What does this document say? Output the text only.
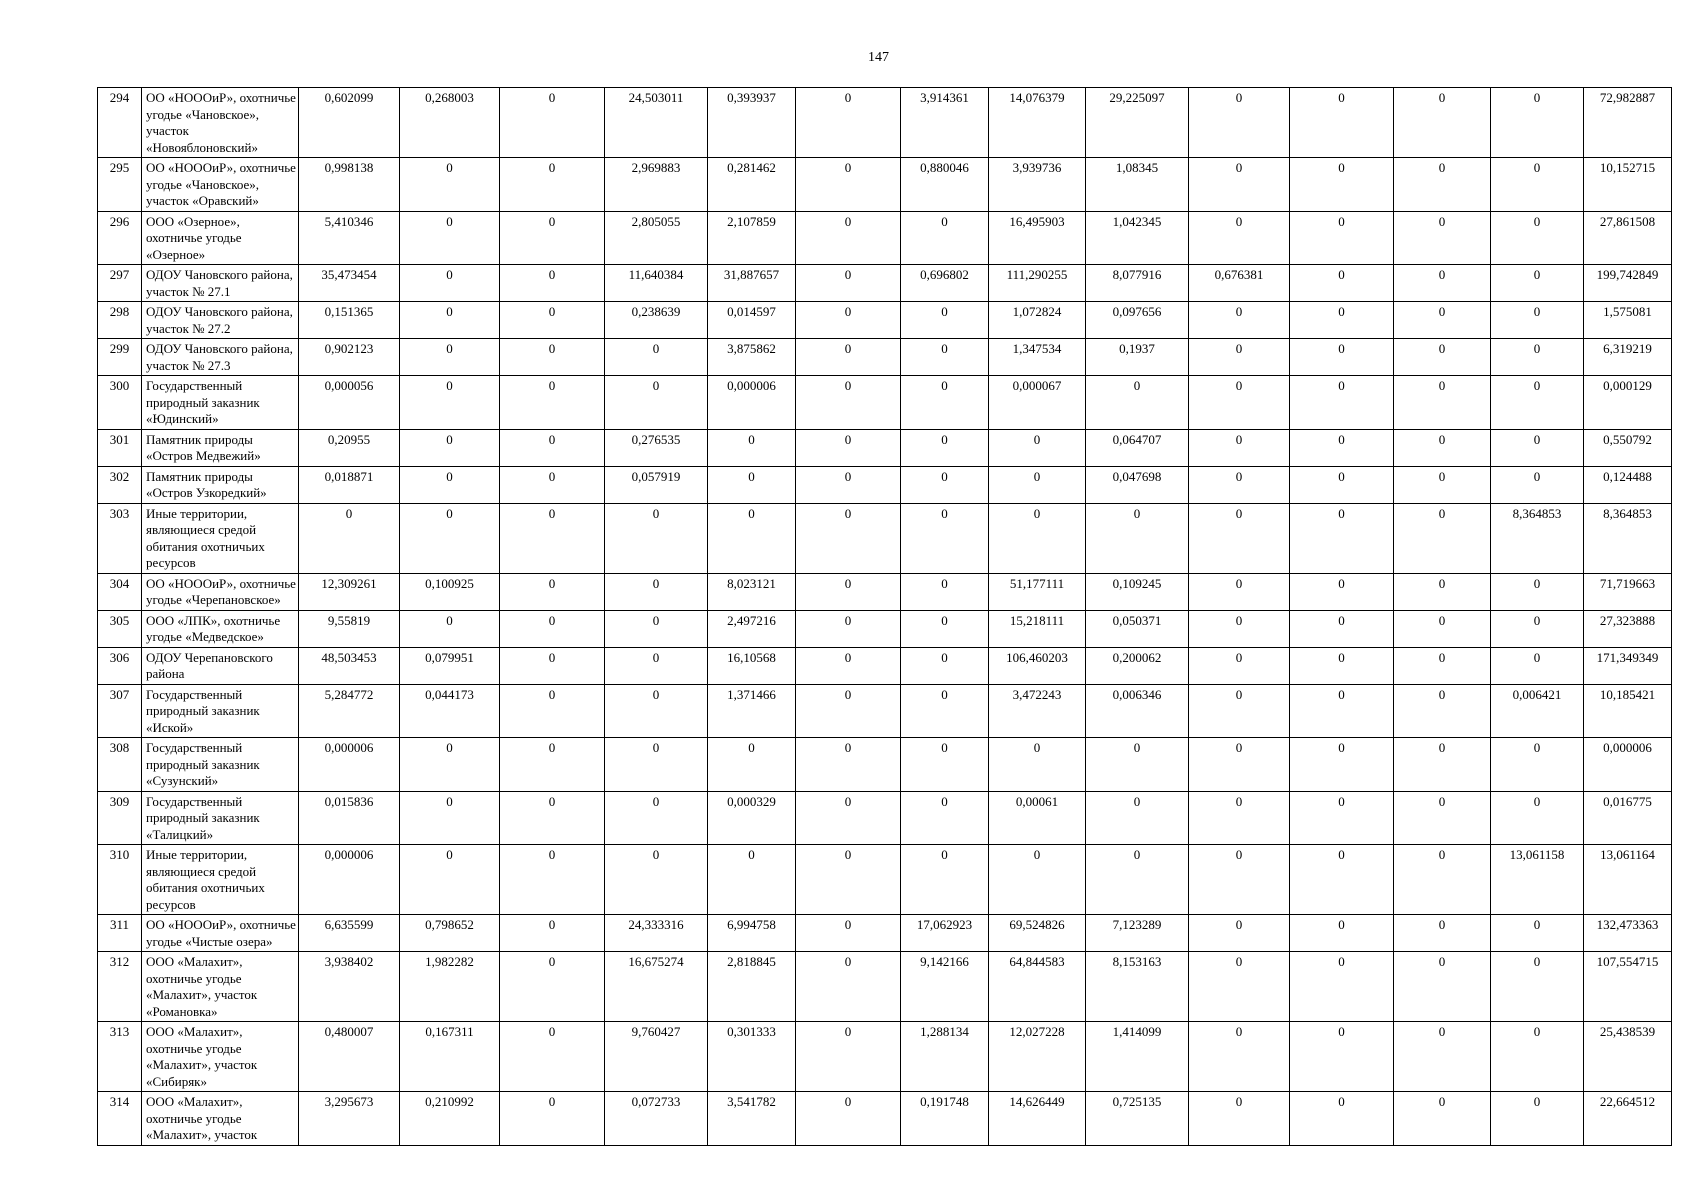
147
294	ОО «НОООиР», охотничье угодье «Чановское», участок «Новояблоновский»	0,602099	0,268003	0	24,503011	0,393937	0	3,914361	14,076379	29,225097	0	0	0	0	72,982887
295	ОО «НОООиР», охотничье угодье «Чановское», участок «Оравский»	0,998138	0	0	2,969883	0,281462	0	0,880046	3,939736	1,08345	0	0	0	0	10,152715
296	ООО «Озерное», охотничье угодье «Озерное»	5,410346	0	0	2,805055	2,107859	0	0	16,495903	1,042345	0	0	0	0	27,861508
297	ОДОУ Чановского района, участок № 27.1	35,473454	0	0	11,640384	31,887657	0	0,696802	111,290255	8,077916	0,676381	0	0	0	199,742849
298	ОДОУ Чановского района, участок № 27.2	0,151365	0	0	0,238639	0,014597	0	0	1,072824	0,097656	0	0	0	0	1,575081
299	ОДОУ Чановского района, участок № 27.3	0,902123	0	0	0	3,875862	0	0	1,347534	0,1937	0	0	0	0	6,319219
300	Государственный природный заказник «Юдинский»	0,000056	0	0	0	0,000006	0	0	0,000067	0	0	0	0	0	0,000129
301	Памятник природы «Остров Медвежий»	0,20955	0	0	0,276535	0	0	0	0	0,064707	0	0	0	0	0,550792
302	Памятник природы «Остров Узкоредкий»	0,018871	0	0	0,057919	0	0	0	0	0,047698	0	0	0	0	0,124488
303	Иные территории, являющиеся средой обитания охотничьих ресурсов	0	0	0	0	0	0	0	0	0	0	0	0	8,364853	8,364853
304	ОО «НОООиР», охотничье угодье «Черепановское»	12,309261	0,100925	0	0	8,023121	0	0	51,177111	0,109245	0	0	0	0	71,719663
305	ООО «ЛПК», охотничье угодье «Медведское»	9,55819	0	0	0	2,497216	0	0	15,218111	0,050371	0	0	0	0	27,323888
306	ОДОУ Черепановского района	48,503453	0,079951	0	0	16,10568	0	0	106,460203	0,200062	0	0	0	0	171,349349
307	Государственный природный заказник «Иской»	5,284772	0,044173	0	0	1,371466	0	0	3,472243	0,006346	0	0	0	0,006421	10,185421
308	Государственный природный заказник «Сузунский»	0,000006	0	0	0	0	0	0	0	0	0	0	0	0	0,000006
309	Государственный природный заказник «Талицкий»	0,015836	0	0	0	0,000329	0	0	0,00061	0	0	0	0	0	0,016775
310	Иные территории, являющиеся средой обитания охотничьих ресурсов	0,000006	0	0	0	0	0	0	0	0	0	0	0	13,061158	13,061164
311	ОО «НОООиР», охотничье угодье «Чистые озера»	6,635599	0,798652	0	24,333316	6,994758	0	17,062923	69,524826	7,123289	0	0	0	0	132,473363
312	ООО «Малахит», охотничье угодье «Малахит», участок «Романовка»	3,938402	1,982282	0	16,675274	2,818845	0	9,142166	64,844583	8,153163	0	0	0	0	107,554715
313	ООО «Малахит», охотничье угодье «Малахит», участок «Сибиряк»	0,480007	0,167311	0	9,760427	0,301333	0	1,288134	12,027228	1,414099	0	0	0	0	25,438539
314	ООО «Малахит», охотничье угодье «Малахит», участок	3,295673	0,210992	0	0,072733	3,541782	0	0,191748	14,626449	0,725135	0	0	0	0	22,664512
